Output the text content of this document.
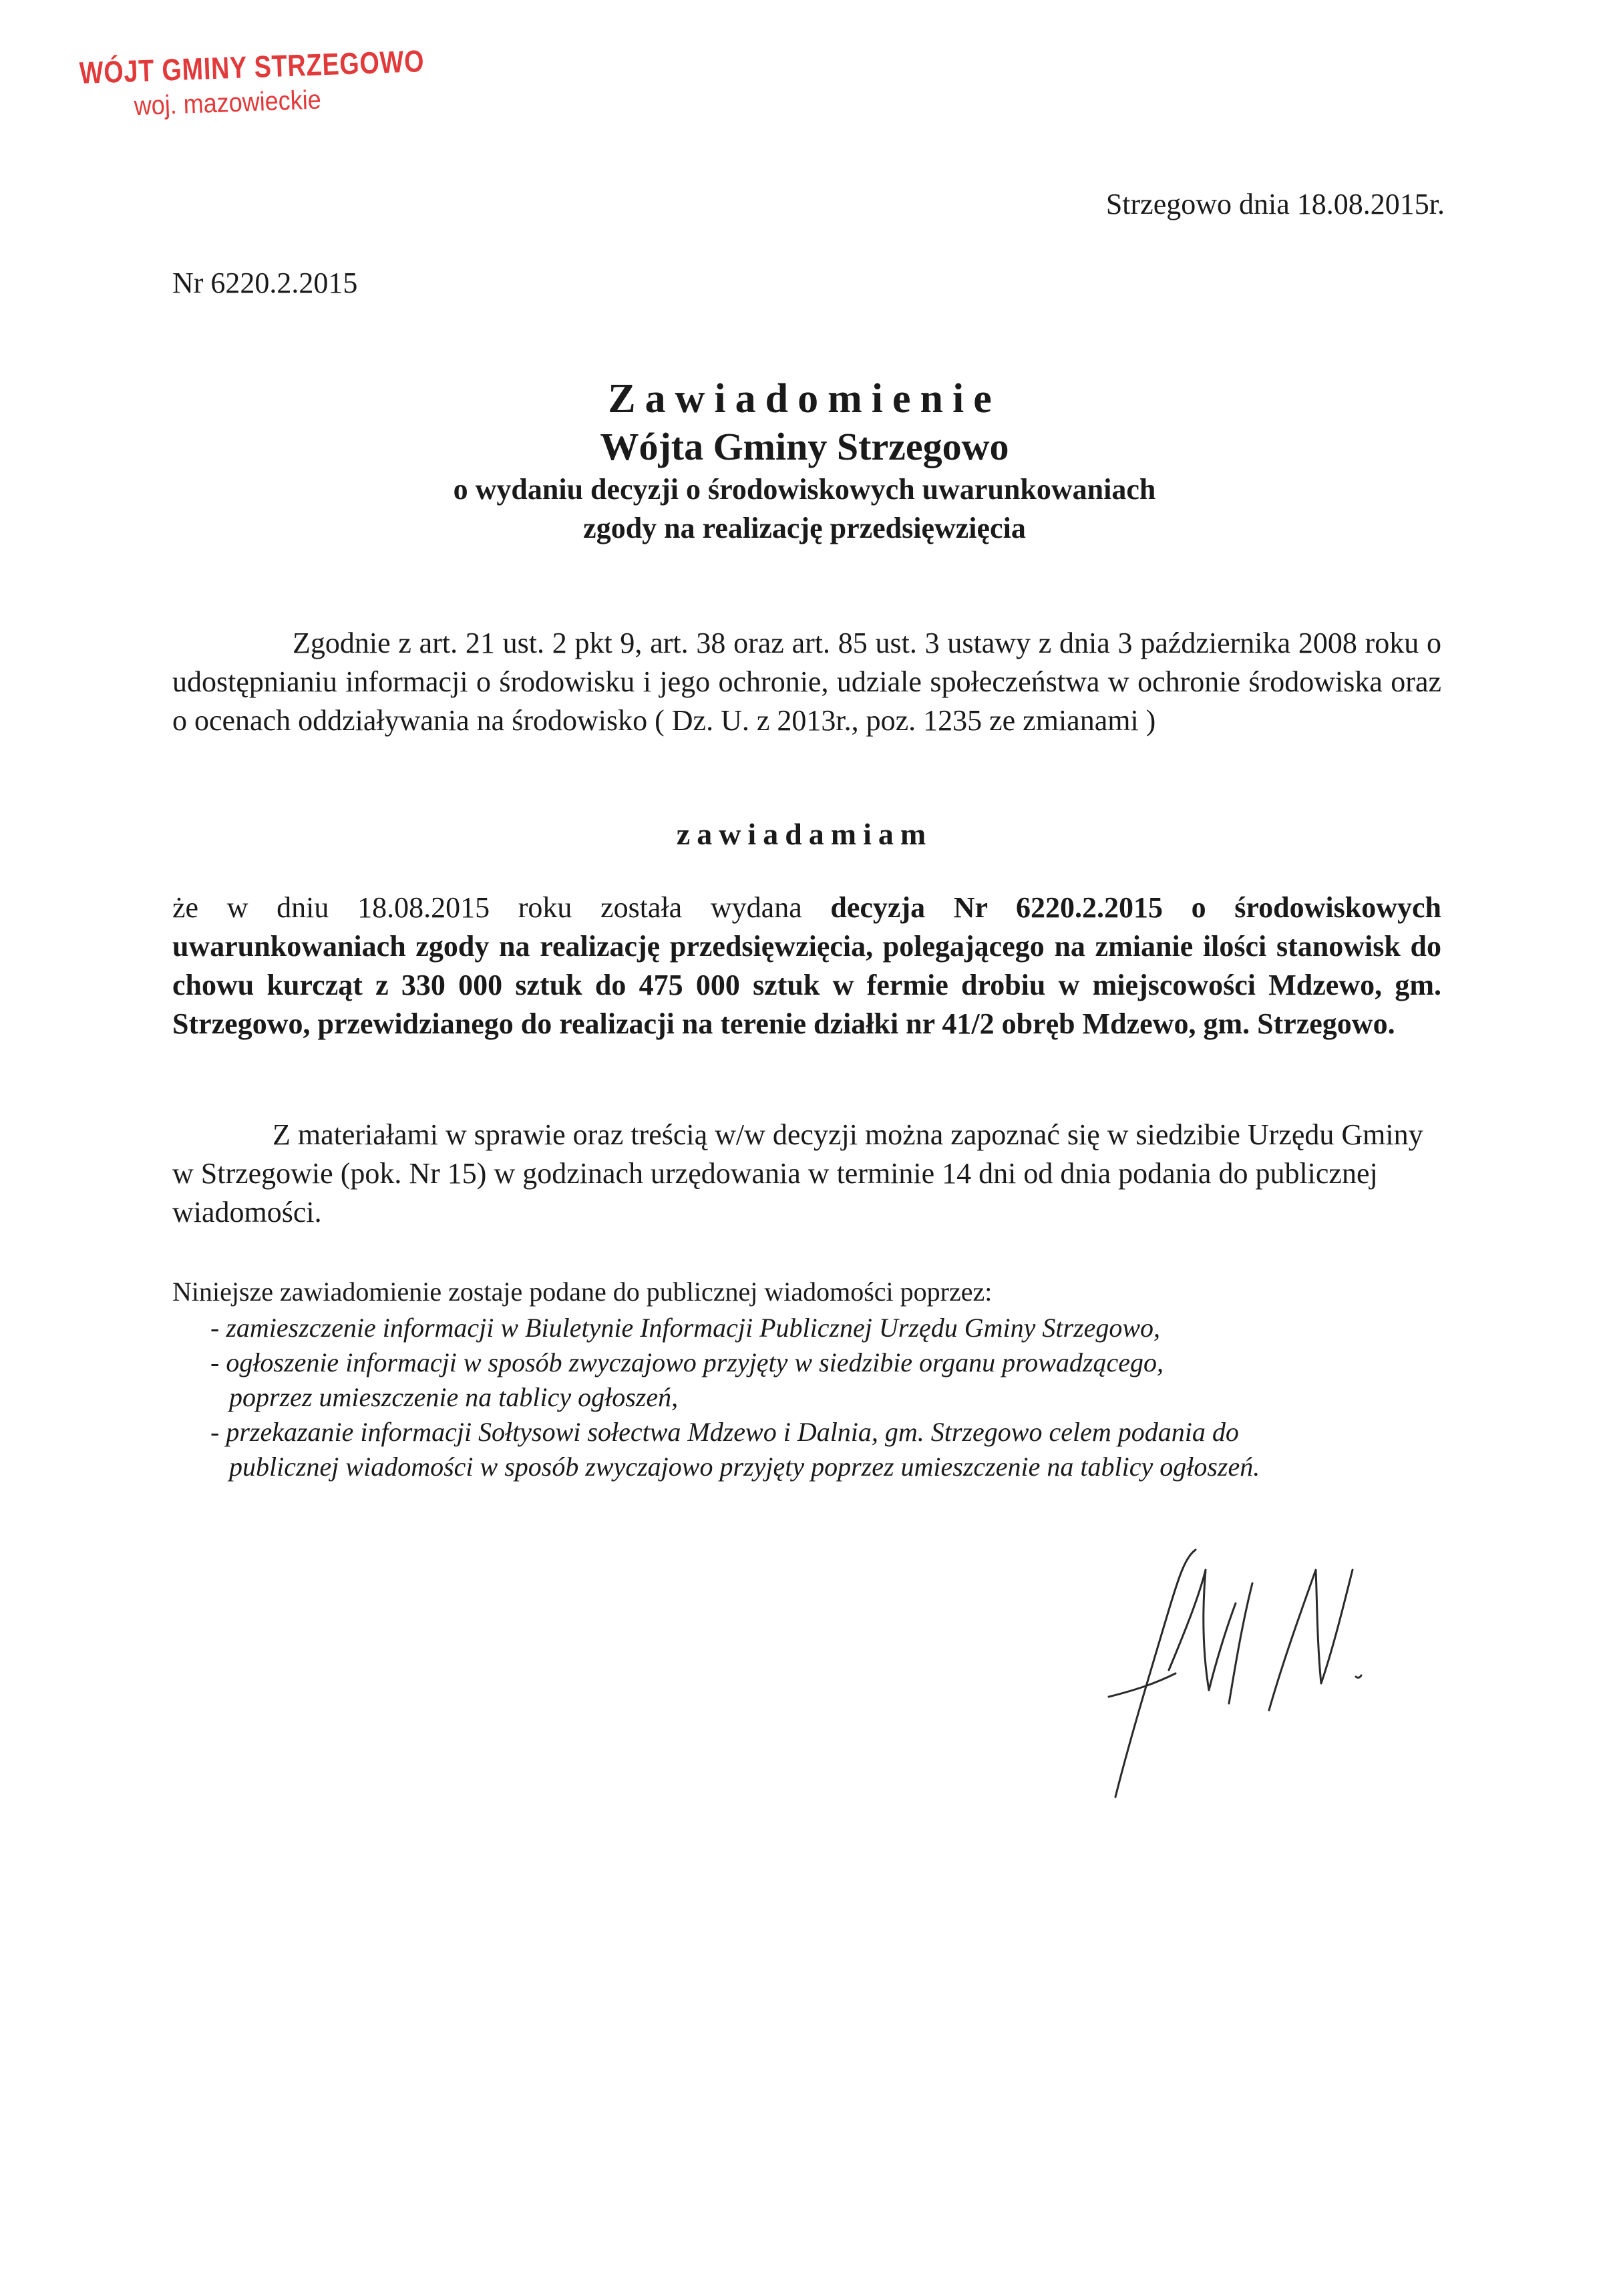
WÓJT GMINY STRZEGOWO
woj. mazowieckie
Strzegowo dnia 18.08.2015r.
Nr 6220.2.2015
Zawiadomienie
Wójta Gminy Strzegowo
o wydaniu decyzji o środowiskowych uwarunkowaniach
zgody na realizację przedsięwzięcia
Zgodnie z art. 21 ust. 2 pkt 9, art. 38 oraz art. 85 ust. 3 ustawy z dnia 3 października 2008 roku o udostępnianiu informacji o środowisku i jego ochronie, udziale społeczeństwa w ochronie środowiska oraz o ocenach oddziaływania na środowisko ( Dz. U. z 2013r., poz. 1235 ze zmianami )
zawiadamiam
że w dniu 18.08.2015 roku została wydana decyzja Nr 6220.2.2015 o środowiskowych uwarunkowaniach zgody na realizację przedsięwzięcia, polegającego na zmianie ilości stanowisk do chowu kurcząt z 330 000 sztuk do 475 000 sztuk w fermie drobiu w miejscowości Mdzewo, gm. Strzegowo, przewidzianego do realizacji na terenie działki nr 41/2 obręb Mdzewo, gm. Strzegowo.
Z materiałami w sprawie oraz treścią w/w decyzji można zapoznać się w siedzibie Urzędu Gminy w Strzegowie (pok. Nr 15) w godzinach urzędowania w terminie 14 dni od dnia podania do publicznej wiadomości.
Niniejsze zawiadomienie zostaje podane do publicznej wiadomości poprzez:
- zamieszczenie informacji w Biuletynie Informacji Publicznej Urzędu Gminy Strzegowo,
- ogłoszenie informacji w sposób zwyczajowo przyjęty w siedzibie organu prowadzącego,
poprzez umieszczenie na tablicy ogłoszeń,
- przekazanie informacji Sołtysowi sołectwa Mdzewo i Dalnia, gm. Strzegowo celem podania do
publicznej wiadomości w sposób zwyczajowo przyjęty poprzez umieszczenie na tablicy ogłoszeń.
